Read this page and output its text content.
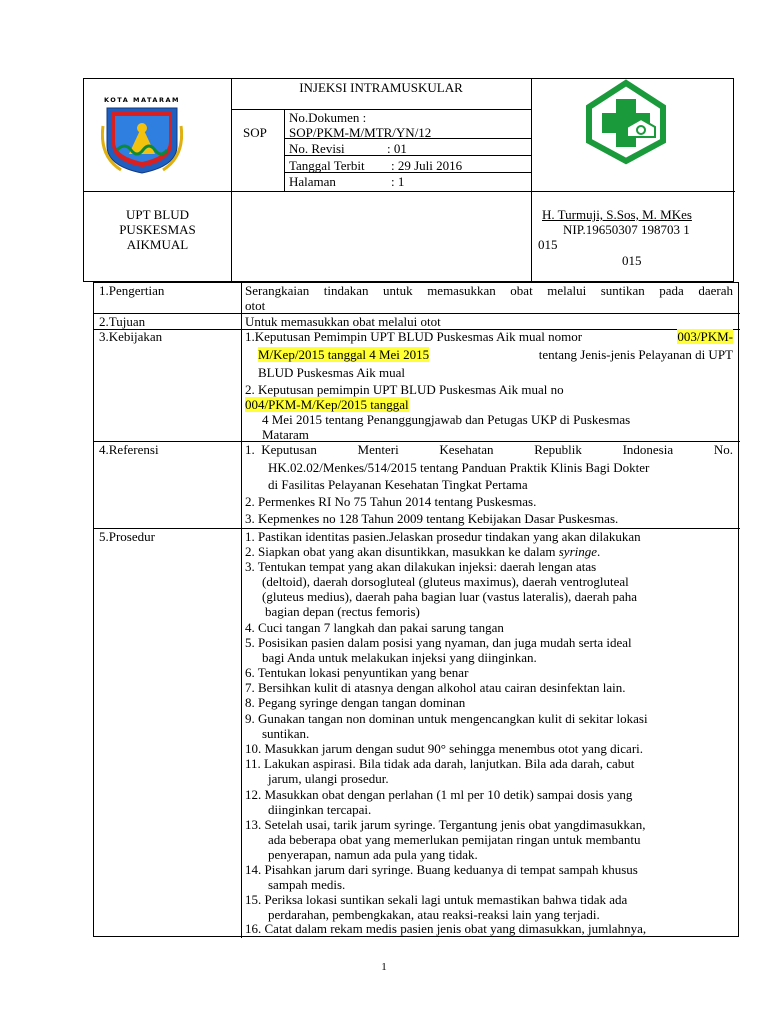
KOTA MATARAM
INJEKSI INTRAMUSKULAR
SOP
No.Dokumen :
SOP/PKM-M/MTR/YN/12
No. Revisi	: 01
Tanggal Terbit : 29 Juli 2016
Halaman	: 1
UPT BLUD
PUSKESMAS
AIKMUAL
H. Turmuji, S.Sos, M. MKes
NIP.19650307 198703 1
015
015
1.Pengertian	Serangkaian tindakan untuk memasukkan obat melalui suntikan pada daerah
otot
2.Tujuan	Untuk memasukkan obat melalui otot
3.Kebijakan	1.Keputusan Pemimpin UPT BLUD Puskesmas Aik mual nomor	003/PKM-
M/Kep/2015 tanggal 4 Mei 2015	tentang Jenis-jenis Pelayanan di UPT
BLUD Puskesmas Aik mual
2. Keputusan pemimpin UPT BLUD Puskesmas Aik mual no
004/PKM-M/Kep/2015 tanggal
4 Mei 2015 tentang Penanggungjawab dan Petugas UKP di Puskesmas
Mataram
4.Referensi	1.  Keputusan	Menteri	Kesehatan	Republik	Indonesia	No.
HK.02.02/Menkes/514/2015 tentang Panduan Praktik Klinis Bagi Dokter
di Fasilitas Pelayanan Kesehatan Tingkat Pertama
2. Permenkes RI No 75 Tahun 2014 tentang Puskesmas.
3. Kepmenkes no 128 Tahun 2009 tentang Kebijakan Dasar Puskesmas.
5.Prosedur	1. Pastikan identitas pasien.Jelaskan prosedur tindakan yang akan dilakukan
2. Siapkan obat yang akan disuntikkan, masukkan ke dalam syringe.
3. Tentukan tempat yang akan dilakukan injeksi: daerah lengan atas
(deltoid), daerah dorsogluteal (gluteus maximus), daerah ventrogluteal
(gluteus medius), daerah paha bagian luar (vastus lateralis), daerah paha
bagian depan (rectus femoris)
4. Cuci tangan 7 langkah dan pakai sarung tangan
5. Posisikan pasien dalam posisi yang nyaman, dan juga mudah serta ideal
bagi Anda untuk melakukan injeksi yang diinginkan.
6. Tentukan lokasi penyuntikan yang benar
7. Bersihkan kulit di atasnya dengan alkohol atau cairan desinfektan lain.
8. Pegang syringe dengan tangan dominan
9. Gunakan tangan non dominan untuk mengencangkan kulit di sekitar lokasi
suntikan.
10. Masukkan jarum dengan sudut 90° sehingga menembus otot yang dicari.
11. Lakukan aspirasi. Bila tidak ada darah, lanjutkan. Bila ada darah, cabut
jarum, ulangi prosedur.
12. Masukkan obat dengan perlahan (1 ml per 10 detik) sampai dosis yang
diinginkan tercapai.
13. Setelah usai, tarik jarum syringe. Tergantung jenis obat yangdimasukkan,
ada beberapa obat yang memerlukan pemijatan ringan untuk membantu
penyerapan, namun ada pula yang tidak.
14. Pisahkan jarum dari syringe. Buang keduanya di tempat sampah khusus
sampah medis.
15. Periksa lokasi suntikan sekali lagi untuk memastikan bahwa tidak ada
perdarahan, pembengkakan, atau reaksi-reaksi lain yang terjadi.
16. Catat dalam rekam medis pasien jenis obat yang dimasukkan, jumlahnya,
1
